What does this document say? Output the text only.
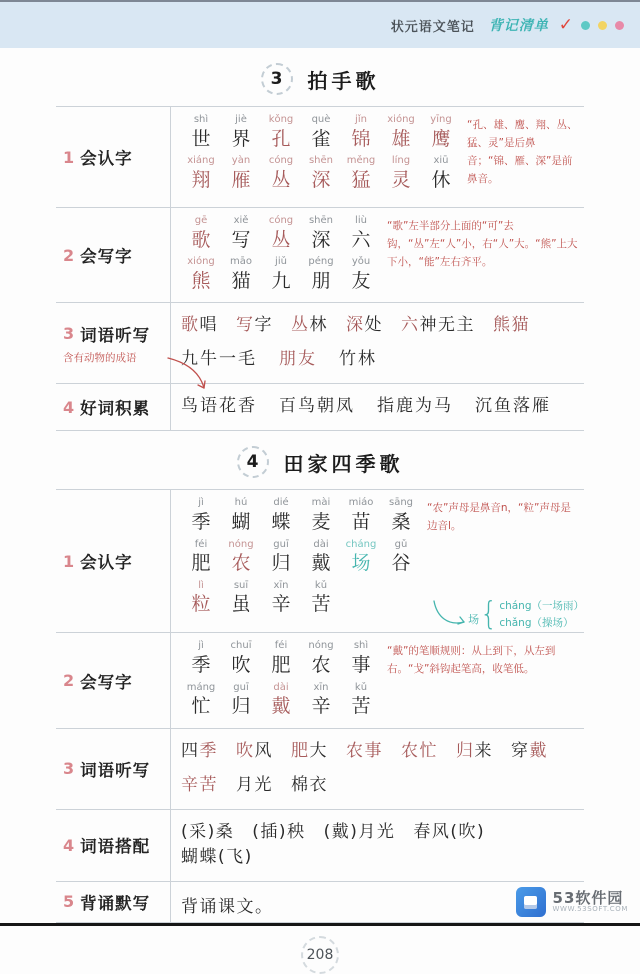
状元语文笔记 背记清单 ✓
3	拍手歌
1 会认字
shì
世
jiè
界
kǒng
孔
què
雀
jǐn
锦
xióng
雄
yīng
鹰
xiáng
翔
yàn
雁
cóng
丛
shēn
深
měng
猛
líng
灵
xiū
休
“孔、雄、鹰、翔、丛、猛、灵”是后鼻音；“锦、雁、深”是前鼻音。
2 会写字
gē
歌
xiě
写
cóng
丛
shēn
深
liù
六
xióng
熊
māo
猫
jiǔ
九
péng
朋
yǒu
友
“歌”左半部分上面的“可”去钩，“丛”左“人”小，右“人”大。“熊”上大下小，“能”左右齐平。
3 词语听写
含有动物的成语
歌唱 写字 丛林 深处 六神无主 熊猫
九牛一毛 朋友 竹林
4 好词积累 鸟语花香 百鸟朝凤 指鹿为马 沉鱼落雁
4	田家四季歌
1 会认字
jì
季
hú
蝴
dié
蝶
mài
麦
miáo
苗
sāng
桑
féi
肥
nóng
农
guī
归
dài
戴
cháng
场
gǔ
谷
lì
粒
suī
虽
xīn
辛
kǔ
苦
“农”声母是鼻音n，“粒”声母是边音l。
场 { cháng（一场雨）
chǎng（操场）
2 会写字
jì
季
chuī
吹
féi
肥
nóng
农
shì
事
máng
忙
guī
归
dài
戴
xīn
辛
kǔ
苦
“戴”的笔顺规则：从上到下，从左到右。“戈”斜钩起笔高，收笔低。
3 词语听写
四季 吹风 肥大 农事 农忙 归来 穿戴
辛苦 月光 棉衣
4 词语搭配
(采)桑 (插)秧 (戴)月光 春风(吹)
蝴蝶(飞)
5 背诵默写 背诵课文。
208
53软件园
WWW.53SOFT.COM
